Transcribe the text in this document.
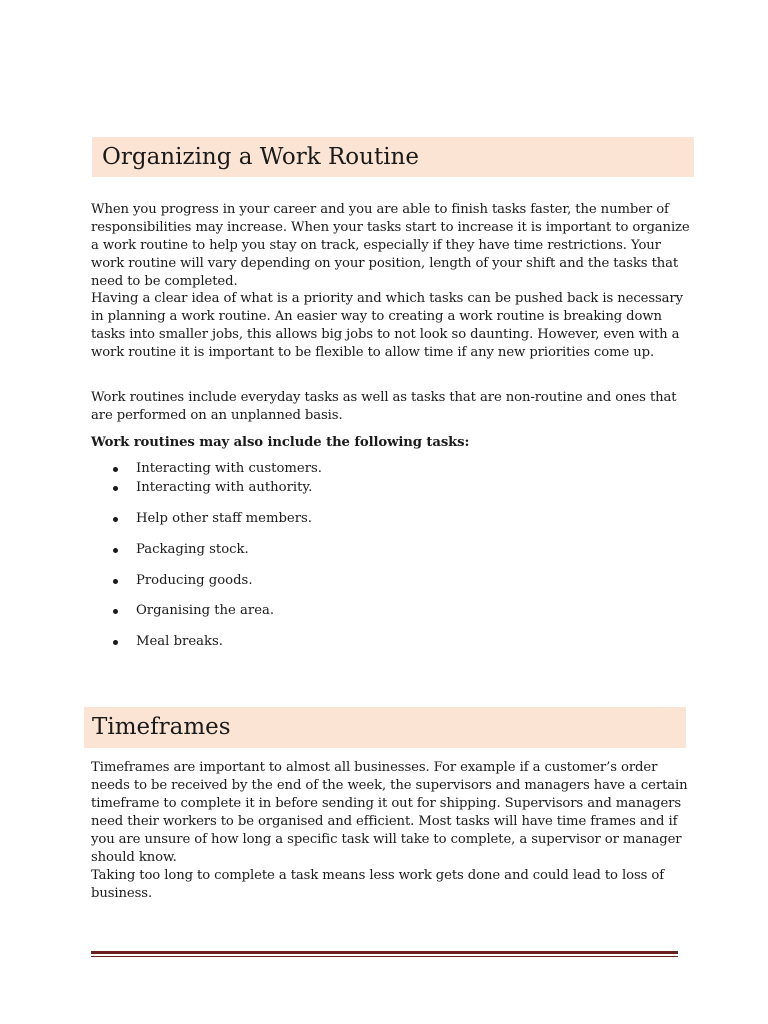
Organizing a Work Routine

When you progress in your career and you are able to finish tasks faster, the number of responsibilities may increase. When your tasks start to increase it is important to organize a work routine to help you stay on track, especially if they have time restrictions. Your work routine will vary depending on your position, length of your shift and the tasks that need to be completed.

Having a clear idea of what is a priority and which tasks can be pushed back is necessary in planning a work routine. An easier way to creating a work routine is breaking down tasks into smaller jobs, this allows big jobs to not look so daunting. However, even with a work routine it is important to be flexible to allow time if any new priorities come up.

Work routines include everyday tasks as well as tasks that are non-routine and ones that are performed on an unplanned basis.

Work routines may also include the following tasks:

Interacting with customers.
Interacting with authority.
Help other staff members.
Packaging stock.
Producing goods.
Organising the area.
Meal breaks.
Timeframes

Timeframes are important to almost all businesses. For example if a customer’s order needs to be received by the end of the week, the supervisors and managers have a certain timeframe to complete it in before sending it out for shipping. Supervisors and managers need their workers to be organised and efficient. Most tasks will have time frames and if you are unsure of how long a specific task will take to complete, a supervisor or manager should know.

Taking too long to complete a task means less work gets done and could lead to loss of business.
